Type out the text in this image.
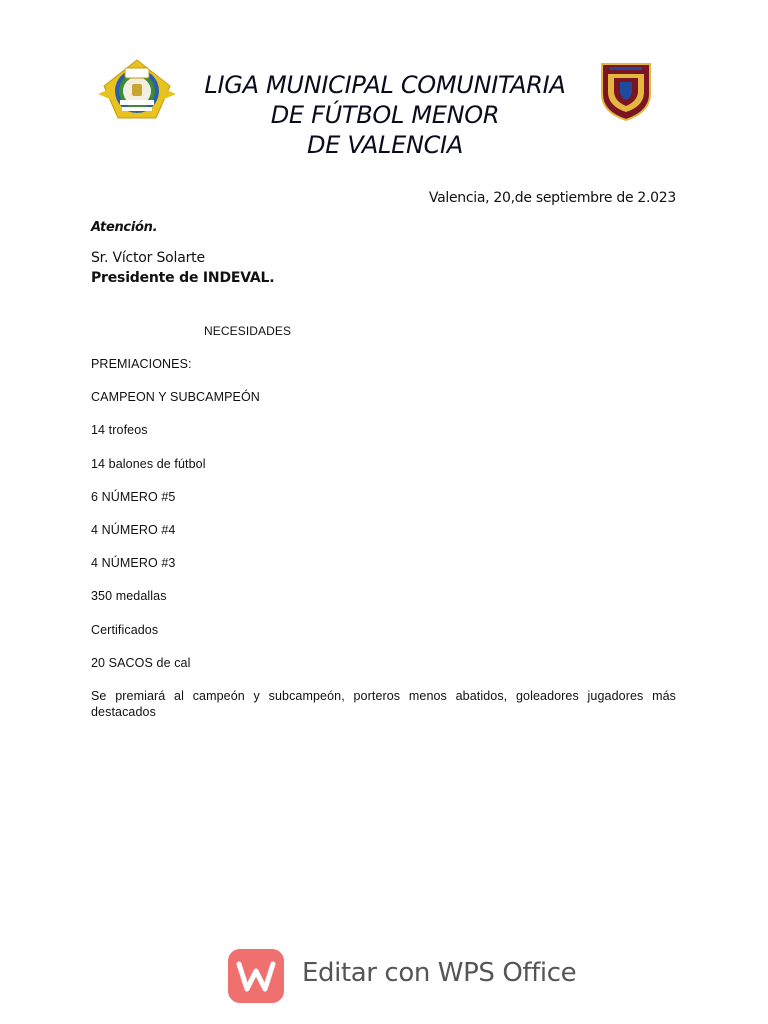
LIGA MUNICIPAL COMUNITARIA
DE FÚTBOL MENOR
DE VALENCIA
Valencia, 20,de septiembre de 2.023
Atención.
Sr. Víctor Solarte
Presidente de INDEVAL.
NECESIDADES
PREMIACIONES:
CAMPEON Y SUBCAMPEÓN
14 trofeos
14 balones de fútbol
6 NÚMERO #5
4 NÚMERO #4
4 NÚMERO #3
350 medallas
Certificados
20 SACOS de cal

Se premiará al campeón y subcampeón, porteros menos abatidos, goleadores jugadores más destacados

Editar con WPS Office
